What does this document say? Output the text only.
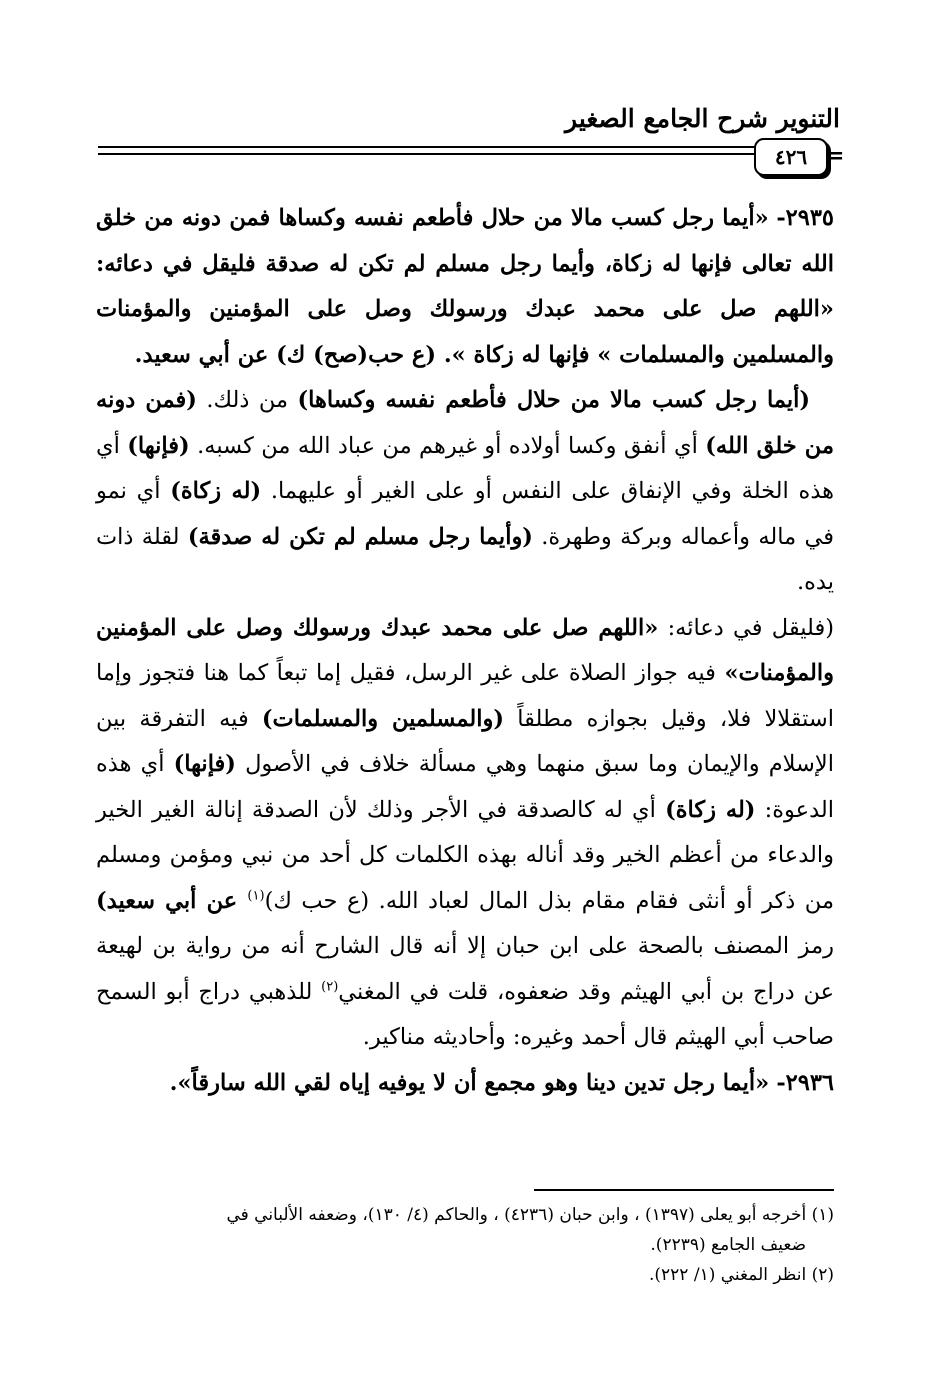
التنوير شرح الجامع الصغير
٤٢٦ =

٢٩٣٥- «أيما رجل كسب مالا من حلال فأطعم نفسه وكساها فمن دونه من خلق الله تعالى فإنها له زكاة، وأيما رجل مسلم لم تكن له صدقة فليقل في دعائه: «اللهم صل على محمد عبدك ورسولك وصل على المؤمنين والمؤمنات والمسلمين والمسلمات » فإنها له زكاة ». (ع حب(صح) ك) عن أبي سعيد.

(أيما رجل كسب مالا من حلال فأطعم نفسه وكساها) من ذلك. (فمن دونه من خلق الله) أي أنفق وكسا أولاده أو غيرهم من عباد الله من كسبه. (فإنها) أي هذه الخلة وفي الإنفاق على النفس أو على الغير أو عليهما. (له زكاة) أي نمو في ماله وأعماله وبركة وطهرة. (وأيما رجل مسلم لم تكن له صدقة) لقلة ذات يده.

(فليقل في دعائه: «اللهم صل على محمد عبدك ورسولك وصل على المؤمنين والمؤمنات» فيه جواز الصلاة على غير الرسل، فقيل إما تبعاً كما هنا فتجوز وإما استقلالا فلا، وقيل بجوازه مطلقاً (والمسلمين والمسلمات) فيه التفرقة بين الإسلام والإيمان وما سبق منهما وهي مسألة خلاف في الأصول (فإنها) أي هذه الدعوة: (له زكاة) أي له كالصدقة في الأجر وذلك لأن الصدقة إنالة الغير الخير والدعاء من أعظم الخير وقد أناله بهذه الكلمات كل أحد من نبي ومؤمن ومسلم من ذكر أو أنثى فقام مقام بذل المال لعباد الله. (ع حب ك)$^{(١)}$ عن أبي سعيد) رمز المصنف بالصحة على ابن حبان إلا أنه قال الشارح أنه من رواية بن لهيعة عن دراج بن أبي الهيثم وقد ضعفوه، قلت في المغني$^{(٢)}$ للذهبي دراج أبو السمح صاحب أبي الهيثم قال أحمد وغيره: وأحاديثه مناكير.

٢٩٣٦- «أيما رجل تدين دينا وهو مجمع أن لا يوفيه إياه لقي الله سارقاً».

(١) أخرجه أبو يعلى (١٣٩٧) ، وابن حبان (٤٢٣٦) ، والحاكم (٤/ ١٣٠)، وضعفه الألباني في

ضعيف الجامع (٢٢٣٩).

(٢) انظر المغني (١/ ٢٢٢).
